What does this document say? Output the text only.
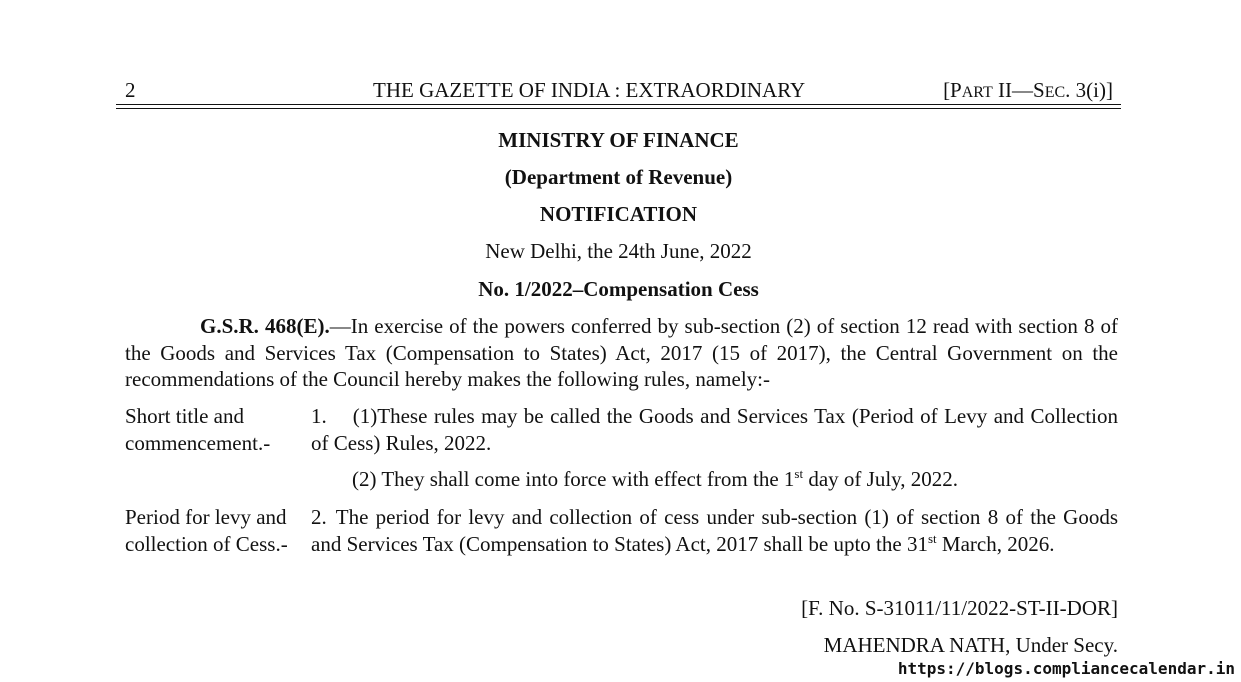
2	THE GAZETTE OF INDIA : EXTRAORDINARY	[PART II—SEC. 3(i)]
MINISTRY OF FINANCE
(Department of Revenue)
NOTIFICATION
New Delhi, the 24th June, 2022
No. 1/2022–Compensation Cess
G.S.R. 468(E).—In exercise of the powers conferred by sub-section (2) of section 12 read with section 8 of the Goods and Services Tax (Compensation to States) Act, 2017 (15 of 2017), the Central Government on the recommendations of the Council hereby makes the following rules, namely:-
Short title and commencement.-
1. (1)These rules may be called the Goods and Services Tax (Period of Levy and Collection of Cess) Rules, 2022.
(2) They shall come into force with effect from the 1st day of July, 2022.
Period for levy and collection of Cess.-
2. The period for levy and collection of cess under sub-section (1) of section 8 of the Goods and Services Tax (Compensation to States) Act, 2017 shall be upto the 31st March, 2026.
[F. No. S-31011/11/2022-ST-II-DOR]
MAHENDRA NATH, Under Secy.
https://blogs.compliancecalendar.in
